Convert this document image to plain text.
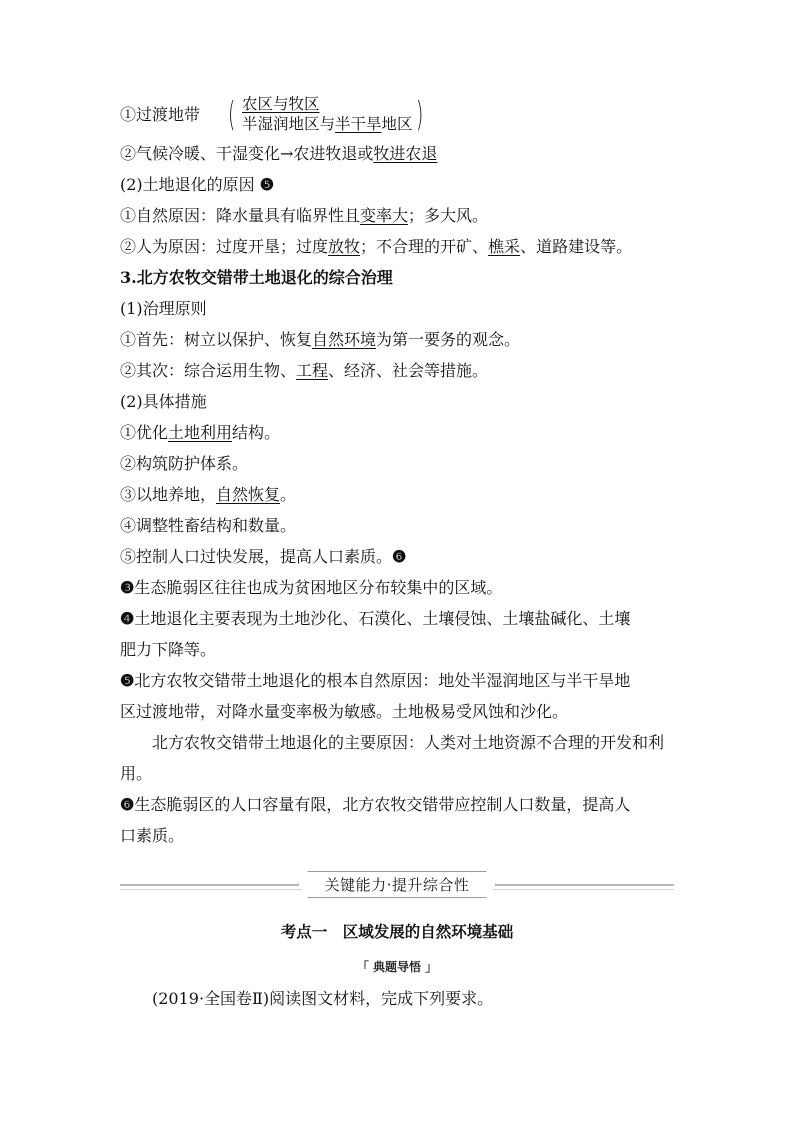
①过渡地带 ( 农区与牧区
半湿润地区与半干旱地区 )
②气候冷暖、干湿变化→农进牧退或牧进农退
(2)土地退化的原因 ❺
①自然原因：降水量具有临界性且变率大；多大风。
②人为原因：过度开垦；过度放牧；不合理的开矿、樵采、道路建设等。
3.北方农牧交错带土地退化的综合治理
(1)治理原则
①首先：树立以保护、恢复自然环境为第一要务的观念。
②其次：综合运用生物、工程、经济、社会等措施。
(2)具体措施
①优化土地利用结构。
②构筑防护体系。
③以地养地，自然恢复。
④调整牲畜结构和数量。
⑤控制人口过快发展，提高人口素质。❻
❸生态脆弱区往往也成为贫困地区分布较集中的区域。
❹土地退化主要表现为土地沙化、石漠化、土壤侵蚀、土壤盐碱化、土壤
肥力下降等。
❺北方农牧交错带土地退化的根本自然原因：地处半湿润地区与半干旱地
区过渡地带，对降水量变率极为敏感。土地极易受风蚀和沙化。
北方农牧交错带土地退化的主要原因：人类对土地资源不合理的开发和利
用。
❻生态脆弱区的人口容量有限，北方农牧交错带应控制人口数量，提高人
口素质。
关键能力·提升综合性
考点一　区域发展的自然环境基础
「 典题导悟 」
(2019·全国卷Ⅱ)阅读图文材料，完成下列要求。
